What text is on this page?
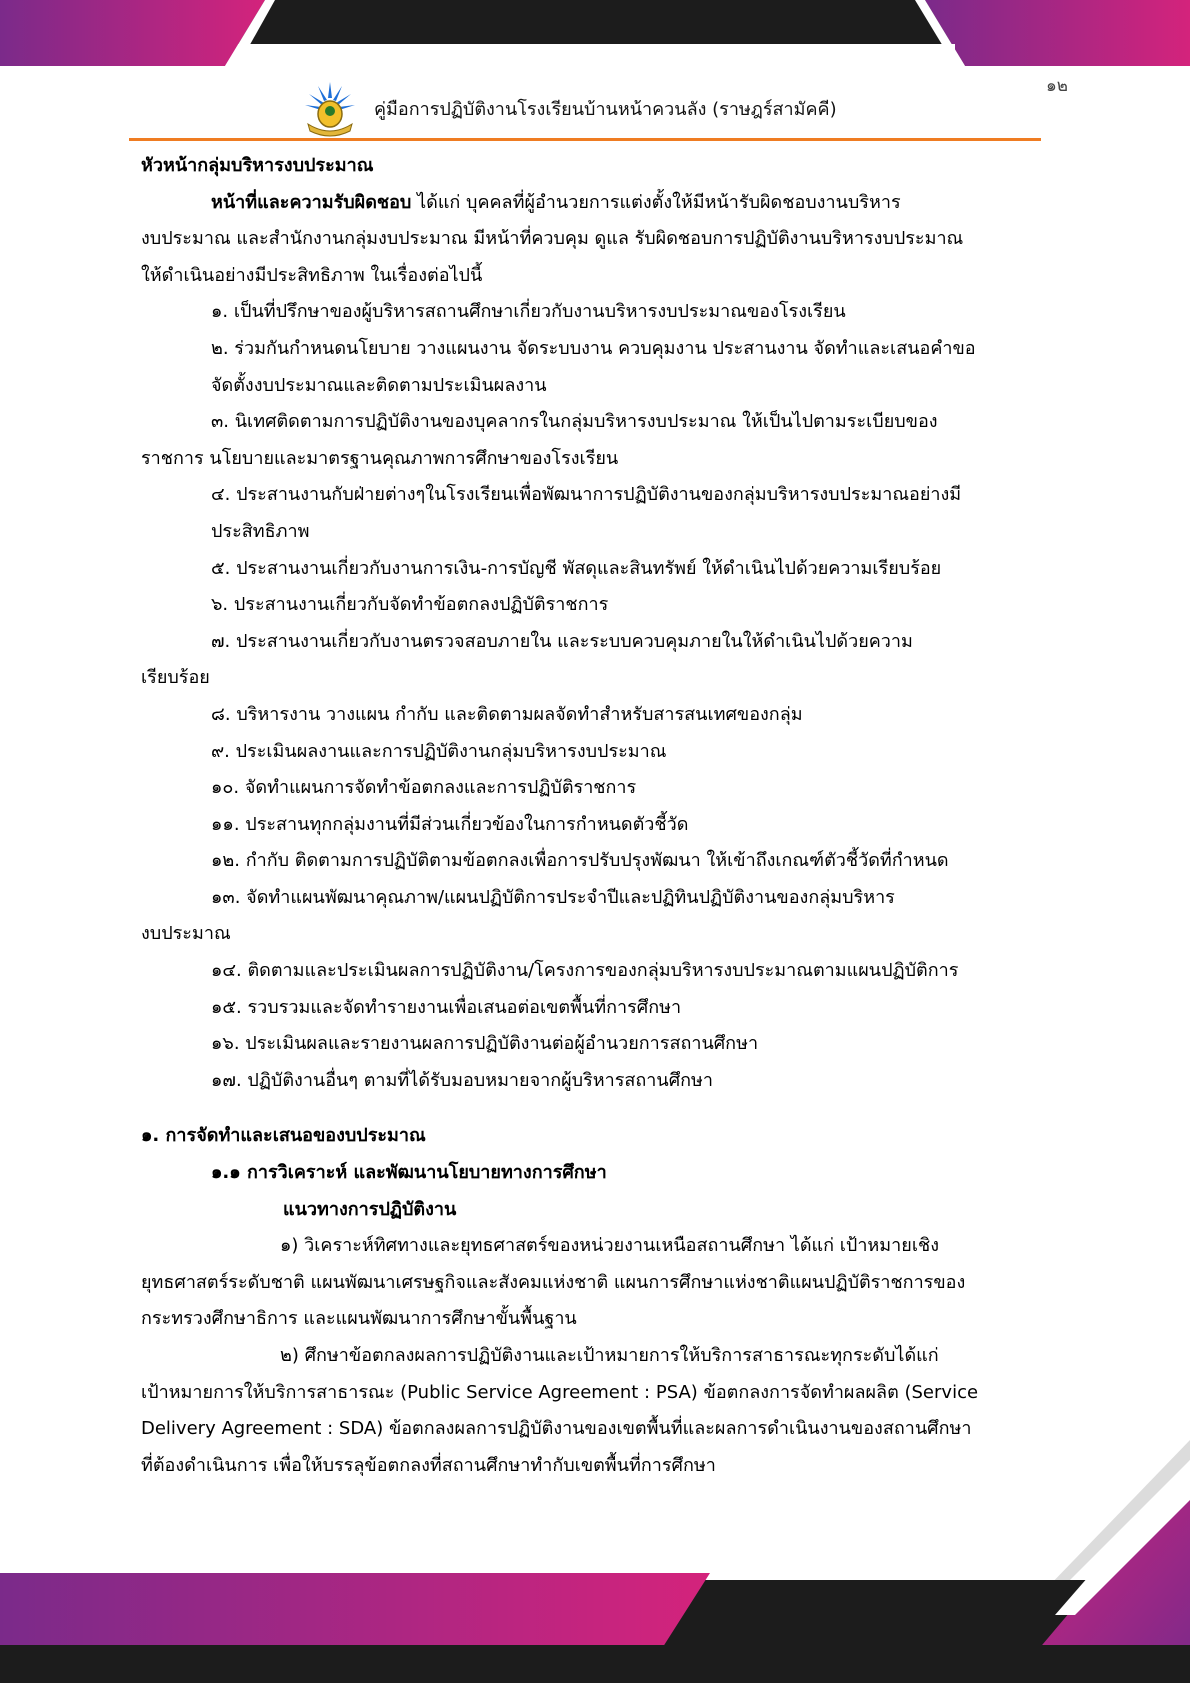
๑๒
คู่มือการปฏิบัติงานโรงเรียนบ้านหน้าควนลัง (ราษฎร์สามัคคี)

หัวหน้ากลุ่มบริหารงบประมาณ

หน้าที่และความรับผิดชอบ ได้แก่ บุคคลที่ผู้อำนวยการแต่งตั้งให้มีหน้ารับผิดชอบงานบริหาร

งบประมาณ และสำนักงานกลุ่มงบประมาณ มีหน้าที่ควบคุม ดูแล รับผิดชอบการปฏิบัติงานบริหารงบประมาณ

ให้ดำเนินอย่างมีประสิทธิภาพ ในเรื่องต่อไปนี้

๑. เป็นที่ปรึกษาของผู้บริหารสถานศึกษาเกี่ยวกับงานบริหารงบประมาณของโรงเรียน

๒. ร่วมกันกำหนดนโยบาย วางแผนงาน จัดระบบงาน ควบคุมงาน ประสานงาน จัดทำและเสนอคำขอ

จัดตั้งงบประมาณและติดตามประเมินผลงาน

๓. นิเทศติดตามการปฏิบัติงานของบุคลากรในกลุ่มบริหารงบประมาณ ให้เป็นไปตามระเบียบของ

ราชการ นโยบายและมาตรฐานคุณภาพการศึกษาของโรงเรียน

๔. ประสานงานกับฝ่ายต่างๆในโรงเรียนเพื่อพัฒนาการปฏิบัติงานของกลุ่มบริหารงบประมาณอย่างมี

ประสิทธิภาพ

๕. ประสานงานเกี่ยวกับงานการเงิน-การบัญชี พัสดุและสินทรัพย์ ให้ดำเนินไปด้วยความเรียบร้อย

๖. ประสานงานเกี่ยวกับจัดทำข้อตกลงปฏิบัติราชการ

๗. ประสานงานเกี่ยวกับงานตรวจสอบภายใน และระบบควบคุมภายในให้ดำเนินไปด้วยความ

เรียบร้อย

๘. บริหารงาน วางแผน กำกับ และติดตามผลจัดทำสำหรับสารสนเทศของกลุ่ม

๙. ประเมินผลงานและการปฏิบัติงานกลุ่มบริหารงบประมาณ

๑๐. จัดทำแผนการจัดทำข้อตกลงและการปฏิบัติราชการ

๑๑. ประสานทุกกลุ่มงานที่มีส่วนเกี่ยวข้องในการกำหนดตัวชี้วัด

๑๒. กำกับ ติดตามการปฏิบัติตามข้อตกลงเพื่อการปรับปรุงพัฒนา ให้เข้าถึงเกณฑ์ตัวชี้วัดที่กำหนด

๑๓. จัดทำแผนพัฒนาคุณภาพ/แผนปฏิบัติการประจำปีและปฏิทินปฏิบัติงานของกลุ่มบริหาร

งบประมาณ

๑๔. ติดตามและประเมินผลการปฏิบัติงาน/โครงการของกลุ่มบริหารงบประมาณตามแผนปฏิบัติการ

๑๕. รวบรวมและจัดทำรายงานเพื่อเสนอต่อเขตพื้นที่การศึกษา

๑๖. ประเมินผลและรายงานผลการปฏิบัติงานต่อผู้อำนวยการสถานศึกษา

๑๗. ปฏิบัติงานอื่นๆ ตามที่ได้รับมอบหมายจากผู้บริหารสถานศึกษา

๑. การจัดทำและเสนอของบประมาณ

๑.๑ การวิเคราะห์ และพัฒนานโยบายทางการศึกษา

แนวทางการปฏิบัติงาน

๑) วิเคราะห์ทิศทางและยุทธศาสตร์ของหน่วยงานเหนือสถานศึกษา ได้แก่ เป้าหมายเชิง

ยุทธศาสตร์ระดับชาติ แผนพัฒนาเศรษฐกิจและสังคมแห่งชาติ แผนการศึกษาแห่งชาติแผนปฏิบัติราชการของ

กระทรวงศึกษาธิการ และแผนพัฒนาการศึกษาขั้นพื้นฐาน

๒) ศึกษาข้อตกลงผลการปฏิบัติงานและเป้าหมายการให้บริการสาธารณะทุกระดับได้แก่

เป้าหมายการให้บริการสาธารณะ (Public Service Agreement : PSA) ข้อตกลงการจัดทำผลผลิต (Service

Delivery Agreement : SDA) ข้อตกลงผลการปฏิบัติงานของเขตพื้นที่และผลการดำเนินงานของสถานศึกษา

ที่ต้องดำเนินการ เพื่อให้บรรลุข้อตกลงที่สถานศึกษาทำกับเขตพื้นที่การศึกษา
